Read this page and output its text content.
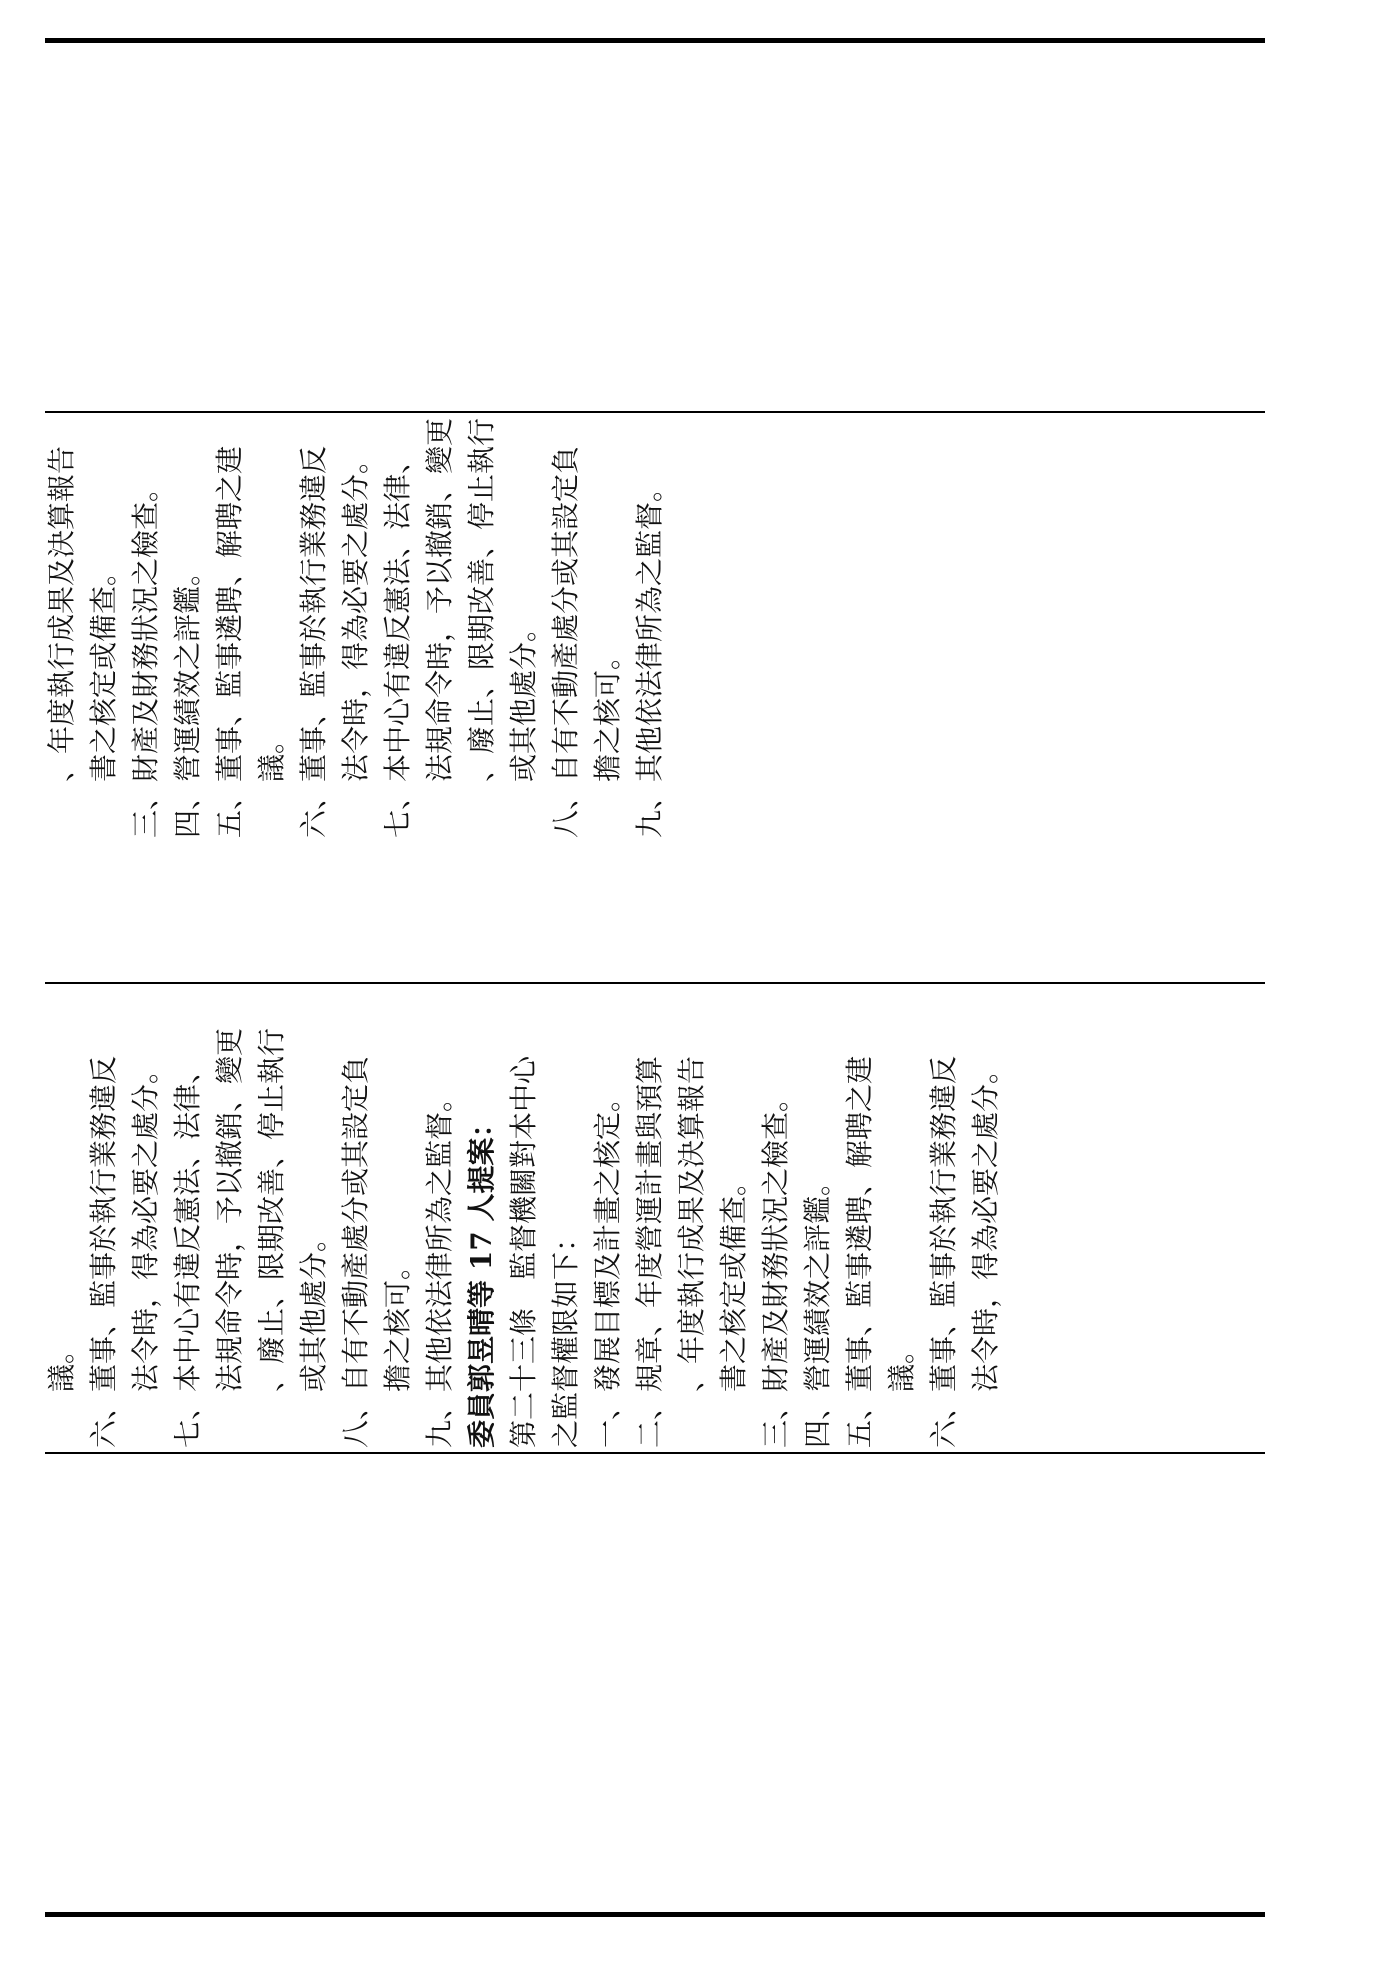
議。 六、董事、監事於執行業務違反 法令時，得為必要之處分。 七、本中心有違反憲法、法律、 法規命令時，予以撤銷、變更 、廢止、限期改善、停止執行 或其他處分。 八、自有不動產處分或其設定負 擔之核可。 九、其他依法律所為之監督。 委員郭昱晴等 17 人提案： 第二十三條　監督機關對本中心 之監督權限如下： 一、發展目標及計畫之核定。 二、規章、年度營運計畫與預算 、年度執行成果及決算報告 書之核定或備查。 三、財產及財務狀況之檢查。 四、營運績效之評鑑。 五、董事、監事遴聘、解聘之建 議。 六、董事、監事於執行業務違反 法令時，得為必要之處分。
、年度執行成果及決算報告 書之核定或備查。 三、財產及財務狀況之檢查。 四、營運績效之評鑑。 五、董事、監事遴聘、解聘之建 議。 六、董事、監事於執行業務違反 法令時，得為必要之處分。 七、本中心有違反憲法、法律、 法規命令時，予以撤銷、變更 、廢止、限期改善、停止執行 或其他處分。 八、自有不動產處分或其設定負 擔之核可。 九、其他依法律所為之監督。
